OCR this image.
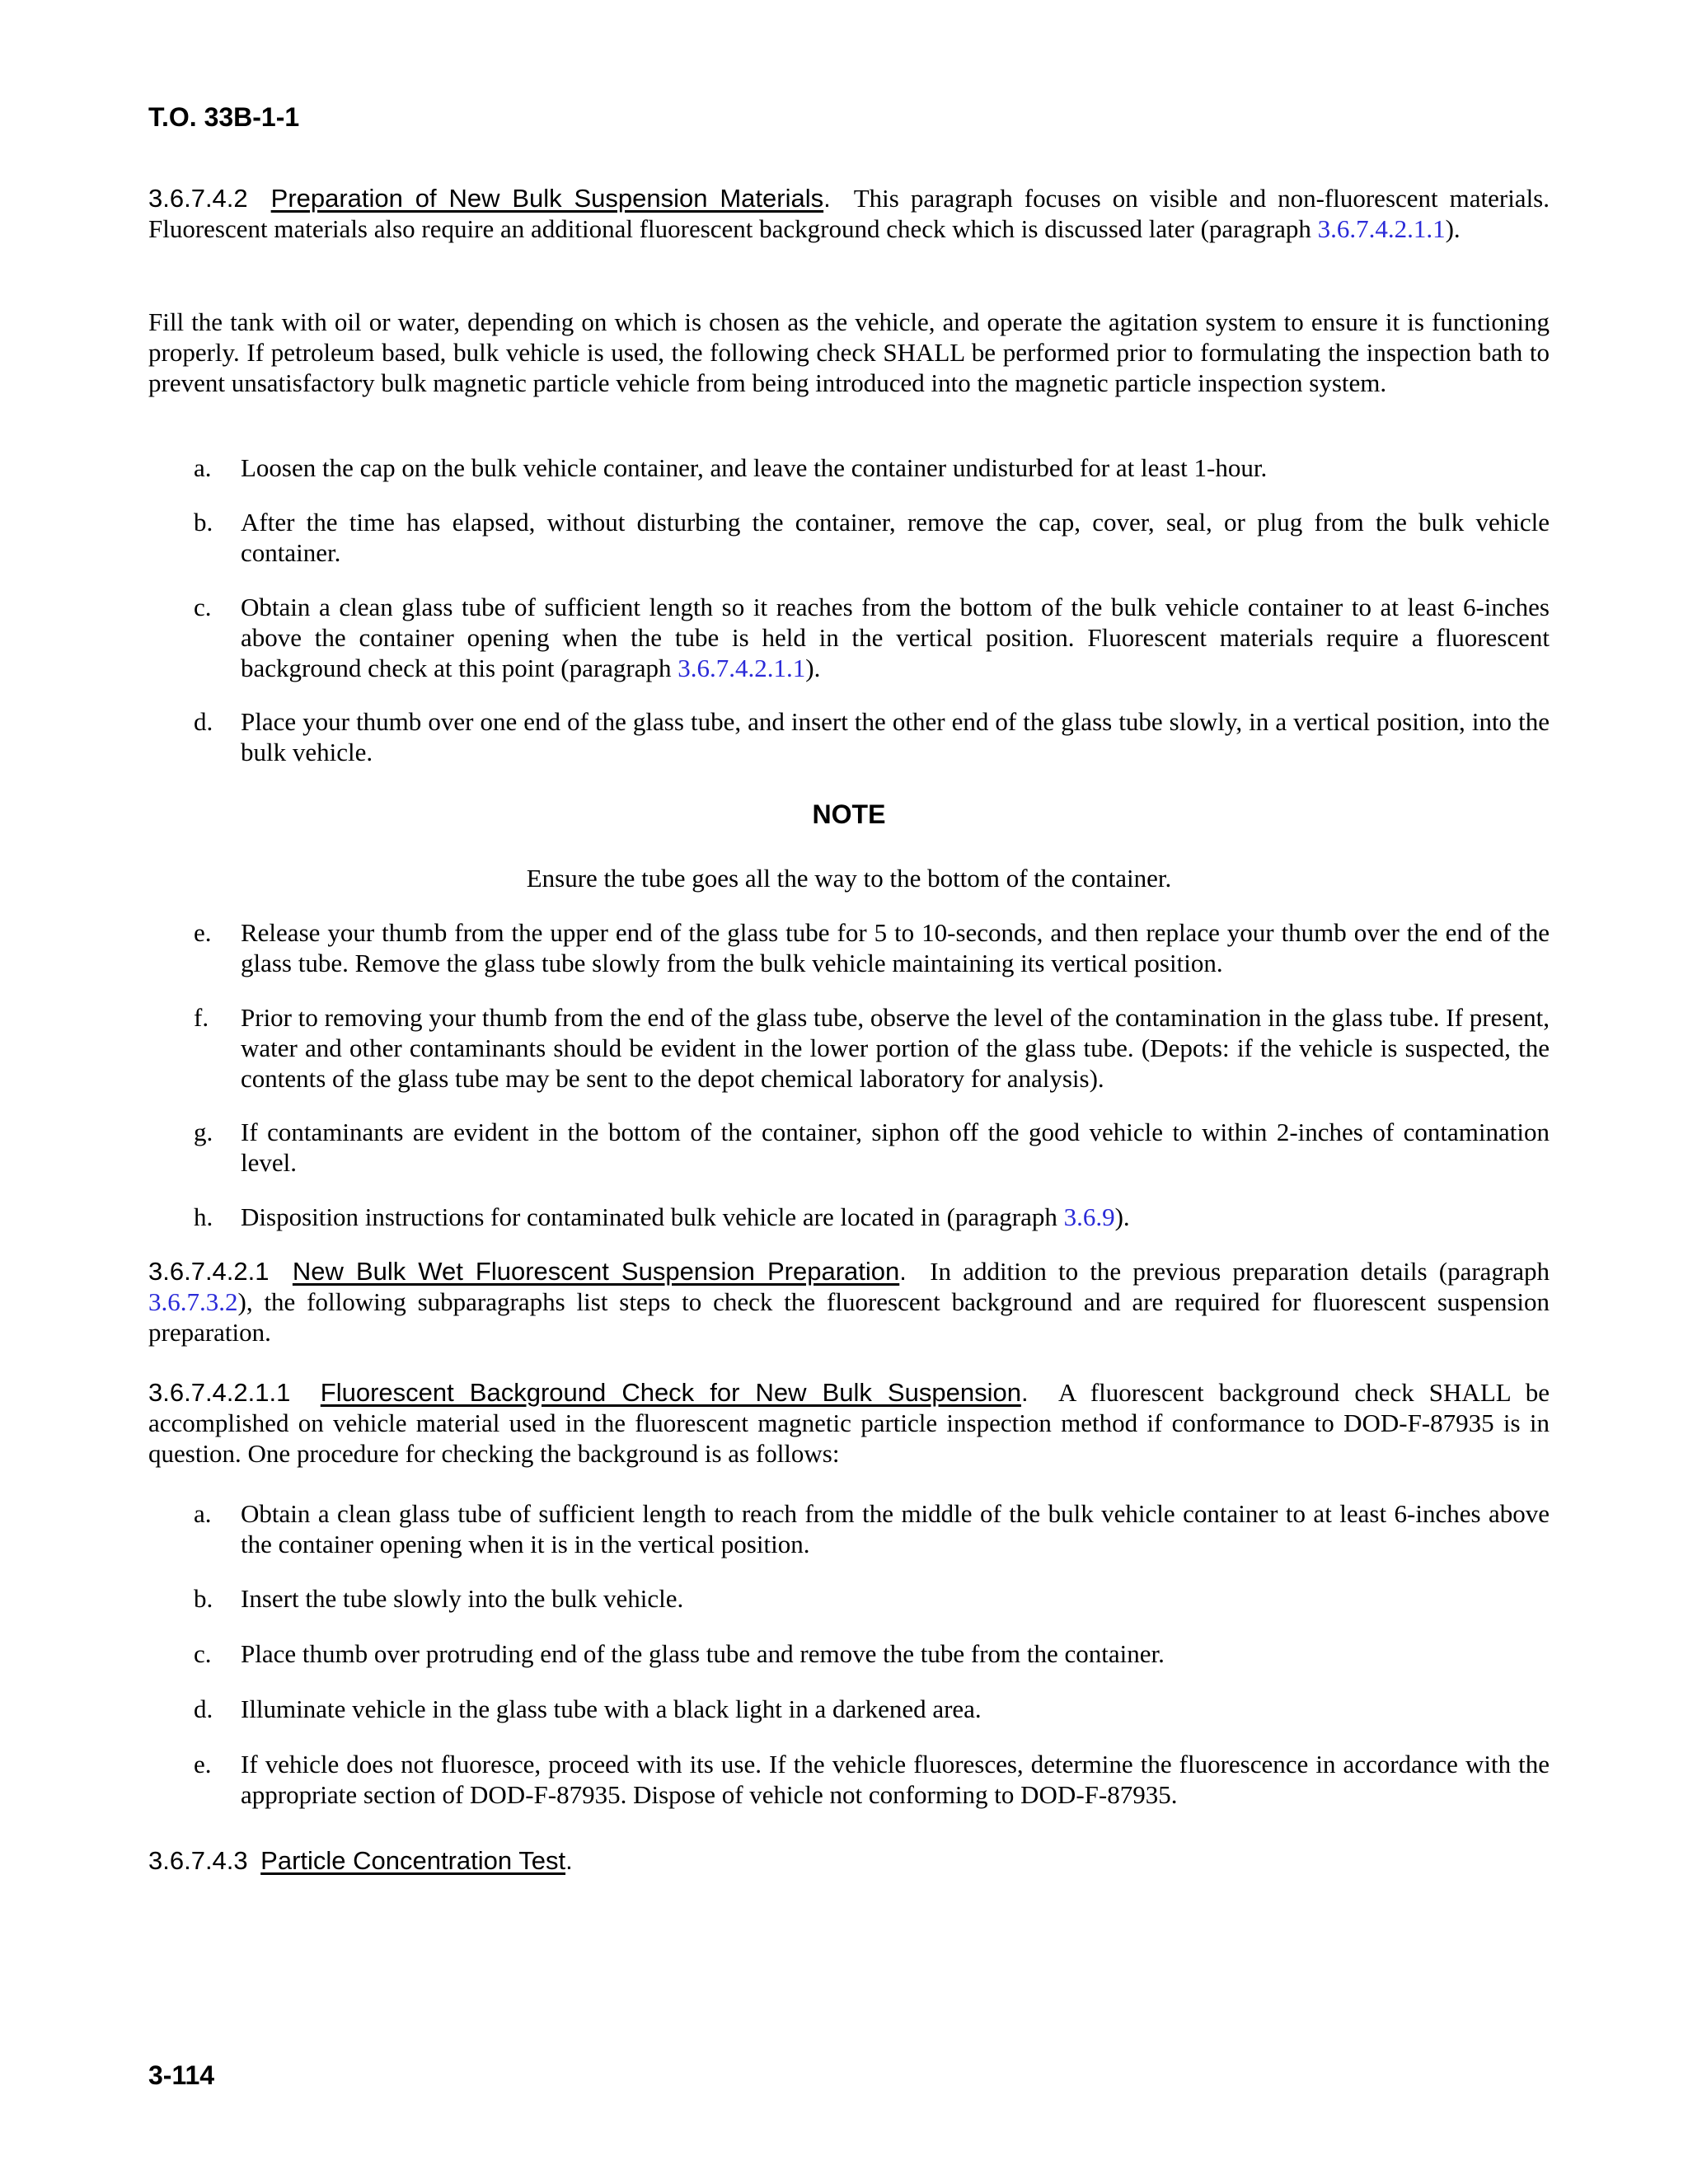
T.O. 33B-1-1

3.6.7.4.2 Preparation of New Bulk Suspension Materials. This paragraph focuses on visible and non-fluorescent materials. Fluorescent materials also require an additional fluorescent background check which is discussed later (paragraph 3.6.7.4.2.1.1).

Fill the tank with oil or water, depending on which is chosen as the vehicle, and operate the agitation system to ensure it is functioning properly. If petroleum based, bulk vehicle is used, the following check SHALL be performed prior to formulating the inspection bath to prevent unsatisfactory bulk magnetic particle vehicle from being introduced into the magnetic particle inspection system.

a.	Loosen the cap on the bulk vehicle container, and leave the container undisturbed for at least 1-hour.

b.	After the time has elapsed, without disturbing the container, remove the cap, cover, seal, or plug from the bulk vehicle container.

c.	Obtain a clean glass tube of sufficient length so it reaches from the bottom of the bulk vehicle container to at least 6-inches above the container opening when the tube is held in the vertical position. Fluorescent materials require a fluorescent background check at this point (paragraph 3.6.7.4.2.1.1).

d.	Place your thumb over one end of the glass tube, and insert the other end of the glass tube slowly, in a vertical position, into the bulk vehicle.

NOTE
Ensure the tube goes all the way to the bottom of the container.
e.	Release your thumb from the upper end of the glass tube for 5 to 10-seconds, and then replace your thumb over the end of the glass tube. Remove the glass tube slowly from the bulk vehicle maintaining its vertical position.

f.	Prior to removing your thumb from the end of the glass tube, observe the level of the contamination in the glass tube. If present, water and other contaminants should be evident in the lower portion of the glass tube. (Depots: if the vehicle is suspected, the contents of the glass tube may be sent to the depot chemical laboratory for analysis).

g.	If contaminants are evident in the bottom of the container, siphon off the good vehicle to within 2-inches of contamination level.

h.	Disposition instructions for contaminated bulk vehicle are located in (paragraph 3.6.9).

3.6.7.4.2.1 New Bulk Wet Fluorescent Suspension Preparation. In addition to the previous preparation details (paragraph 3.6.7.3.2), the following subparagraphs list steps to check the fluorescent background and are required for fluorescent suspension preparation.

3.6.7.4.2.1.1 Fluorescent Background Check for New Bulk Suspension. A fluorescent background check SHALL be accomplished on vehicle material used in the fluorescent magnetic particle inspection method if conformance to DOD-F-87935 is in question. One procedure for checking the background is as follows:

a.	Obtain a clean glass tube of sufficient length to reach from the middle of the bulk vehicle container to at least 6-inches above the container opening when it is in the vertical position.

b.	Insert the tube slowly into the bulk vehicle.

c.	Place thumb over protruding end of the glass tube and remove the tube from the container.

d.	Illuminate vehicle in the glass tube with a black light in a darkened area.

e.	If vehicle does not fluoresce, proceed with its use. If the vehicle fluoresces, determine the fluorescence in accordance with the appropriate section of DOD-F-87935. Dispose of vehicle not conforming to DOD-F-87935.

3.6.7.4.3 Particle Concentration Test.

3-114
